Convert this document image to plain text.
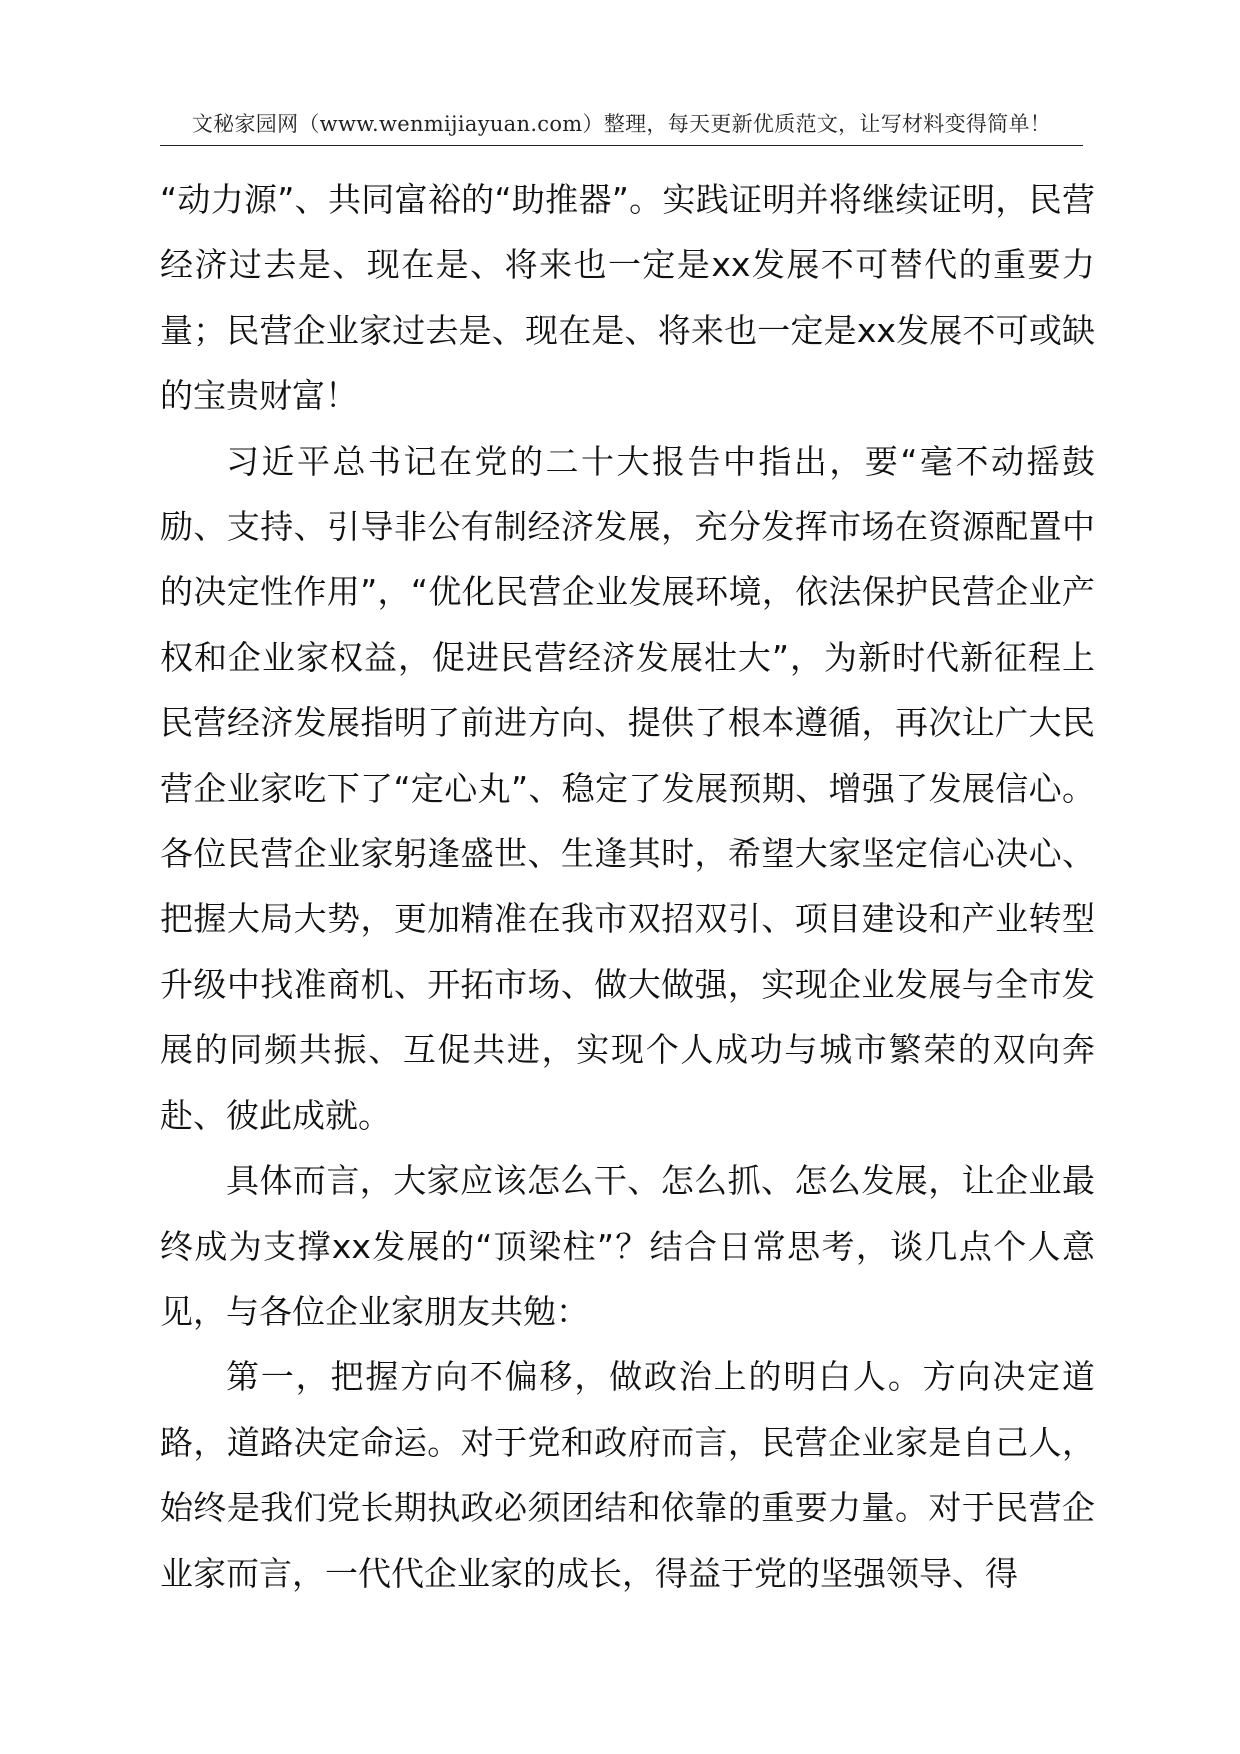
文秘家园网（www.wenmijiayuan.com）整理，每天更新优质范文，让写材料变得简单！

“动力源”、共同富裕的“助推器”。实践证明并将继续证明，民营经济过去是、现在是、将来也一定是xx发展不可替代的重要力量；民营企业家过去是、现在是、将来也一定是xx发展不可或缺的宝贵财富！

习近平总书记在党的二十大报告中指出，要“毫不动摇鼓励、支持、引导非公有制经济发展，充分发挥市场在资源配置中的决定性作用”，“优化民营企业发展环境，依法保护民营企业产权和企业家权益，促进民营经济发展壮大”，为新时代新征程上民营经济发展指明了前进方向、提供了根本遵循，再次让广大民营企业家吃下了“定心丸”、稳定了发展预期、增强了发展信心。各位民营企业家躬逢盛世、生逢其时，希望大家坚定信心决心、把握大局大势，更加精准在我市双招双引、项目建设和产业转型升级中找准商机、开拓市场、做大做强，实现企业发展与全市发展的同频共振、互促共进，实现个人成功与城市繁荣的双向奔赴、彼此成就。

具体而言，大家应该怎么干、怎么抓、怎么发展，让企业最终成为支撑xx发展的“顶梁柱”？结合日常思考，谈几点个人意见，与各位企业家朋友共勉：

第一，把握方向不偏移，做政治上的明白人。方向决定道路，道路决定命运。对于党和政府而言，民营企业家是自己人，始终是我们党长期执政必须团结和依靠的重要力量。对于民营企业家而言，一代代企业家的成长，得益于党的坚强领导、得
